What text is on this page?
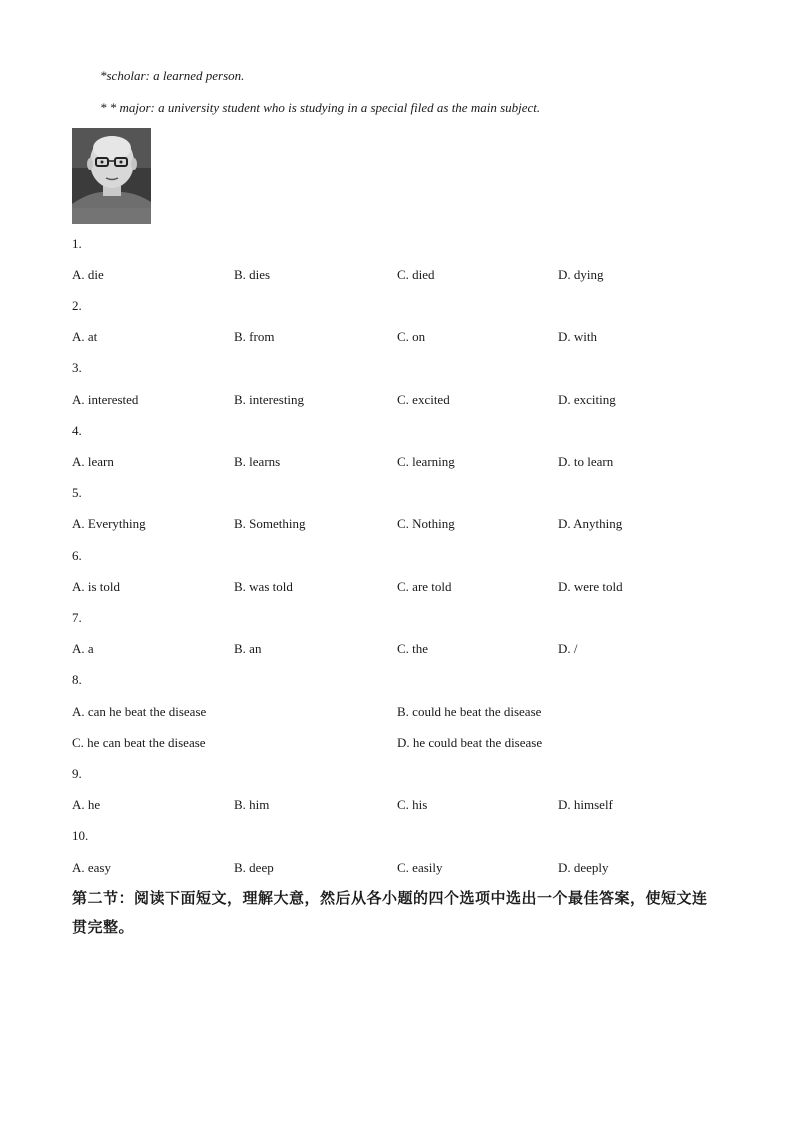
*scholar: a learned person.
* * major: a university student who is studying in a special filed as the main subject.
1.
A. die	B. dies	C. died	D. dying
2.
A. at	B. from	C. on	D. with
3.
A. interested	B. interesting	C. excited	D. exciting
4.
A. learn	B. learns	C. learning	D. to learn
5.
A. Everything	B. Something	C. Nothing	D. Anything
6.
A. is told	B. was told	C. are told	D. were told
7.
A. a	B. an	C. the	D. /
8.
A. can he beat the disease	B. could he beat the disease
C. he can beat the disease	D. he could beat the disease
9.
A. he	B. him	C. his	D. himself
10.
A. easy	B. deep	C. easily	D. deeply
第二节：阅读下面短文，理解大意，然后从各小题的四个选项中选出一个最佳答案，使短文连贯完整。
